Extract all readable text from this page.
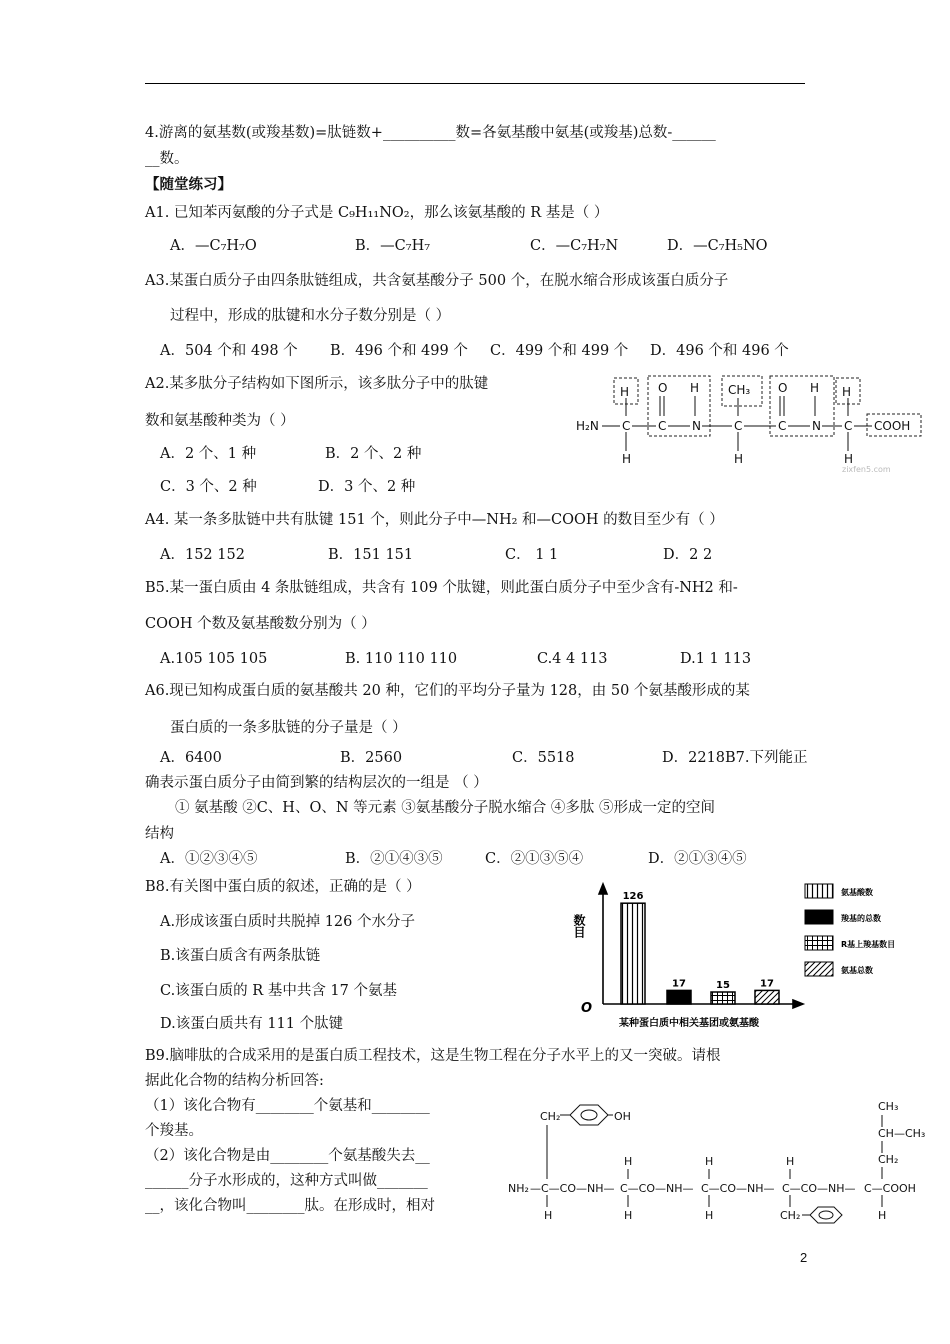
4.游离的氨基数(或羧基数)=肽链数+__________数=各氨基酸中氨基(或羧基)总数-______
__数。
【随堂练习】
A1. 已知苯丙氨酸的分子式是 C₉H₁₁NO₂，那么该氨基酸的 R 基是（ ）
A．—C₇H₇O	B．—C₇H₇	C．—C₇H₇N	D．—C₇H₅NO
A3.某蛋白质分子由四条肽链组成，共含氨基酸分子 500 个，在脱水缩合形成该蛋白质分子
过程中，形成的肽键和水分子数分别是（ ）
A．504 个和 498 个 B．496 个和 499 个 C．499 个和 499 个 D．496 个和 496 个
A2.某多肽分子结构如下图所示，该多肽分子中的肽键
数和氨基酸种类为（ ）
A．2 个、1 种	B．2 个、2 种
C．3 个、2 种	D．3 个、2 种
A4. 某一条多肽链中共有肽键 151 个，则此分子中—NH₂ 和—COOH 的数目至少有（ ）
A．152 152	B．151 151	C． 1 1	D．2 2
B5.某一蛋白质由 4 条肽链组成，共含有 109 个肽键，则此蛋白质分子中至少含有-NH2 和-
COOH 个数及氨基酸数分别为（ ）
A.105 105 105	B. 110 110 110	C.4 4 113	D.1 1 113
A6.现已知构成蛋白质的氨基酸共 20 种，它们的平均分子量为 128，由 50 个氨基酸形成的某
蛋白质的一条多肽链的分子量是（ ）
A．6400	B．2560	C．5518	D．2218B7.下列能正
确表示蛋白质分子由简到繁的结构层次的一组是 （ ）
① 氨基酸 ②C、H、O、N 等元素 ③氨基酸分子脱水缩合 ④多肽 ⑤形成一定的空间
结构
A．①②③④⑤	B．②①④③⑤	C．②①③⑤④	D．②①③④⑤
B8.有关图中蛋白质的叙述，正确的是（ ）
A.形成该蛋白质时共脱掉 126 个水分子
B.该蛋白质含有两条肽链
C.该蛋白质的 R 基中共含 17 个氨基
D.该蛋白质共有 111 个肽键
B9.脑啡肽的合成采用的是蛋白质工程技术，这是生物工程在分子水平上的又一突破。请根
据此化合物的结构分析回答:
（1）该化合物有________个氨基和________
个羧基。
（2）该化合物是由________个氨基酸失去__
______分子水形成的，这种方式叫做_______
__，该化合物叫________肽。在形成时，相对
H O H CH₃ O H H
H₂N C C N	C	C N C COOH
H	H	H
zixfen5.com
数目
O
某种蛋白质中相关基团或氨基酸
126
17	15	17
氨基酸数
羧基的总数
R基上羧基数目
氨基总数
CH₂	OH
CH₃
CH—CH₃
CH₂
H	H	H
NH₂ —C—CO—NH— C—CO—NH— C—CO—NH— C—CO—NH— C—COOH
H	H	H	CH₂	H
2
